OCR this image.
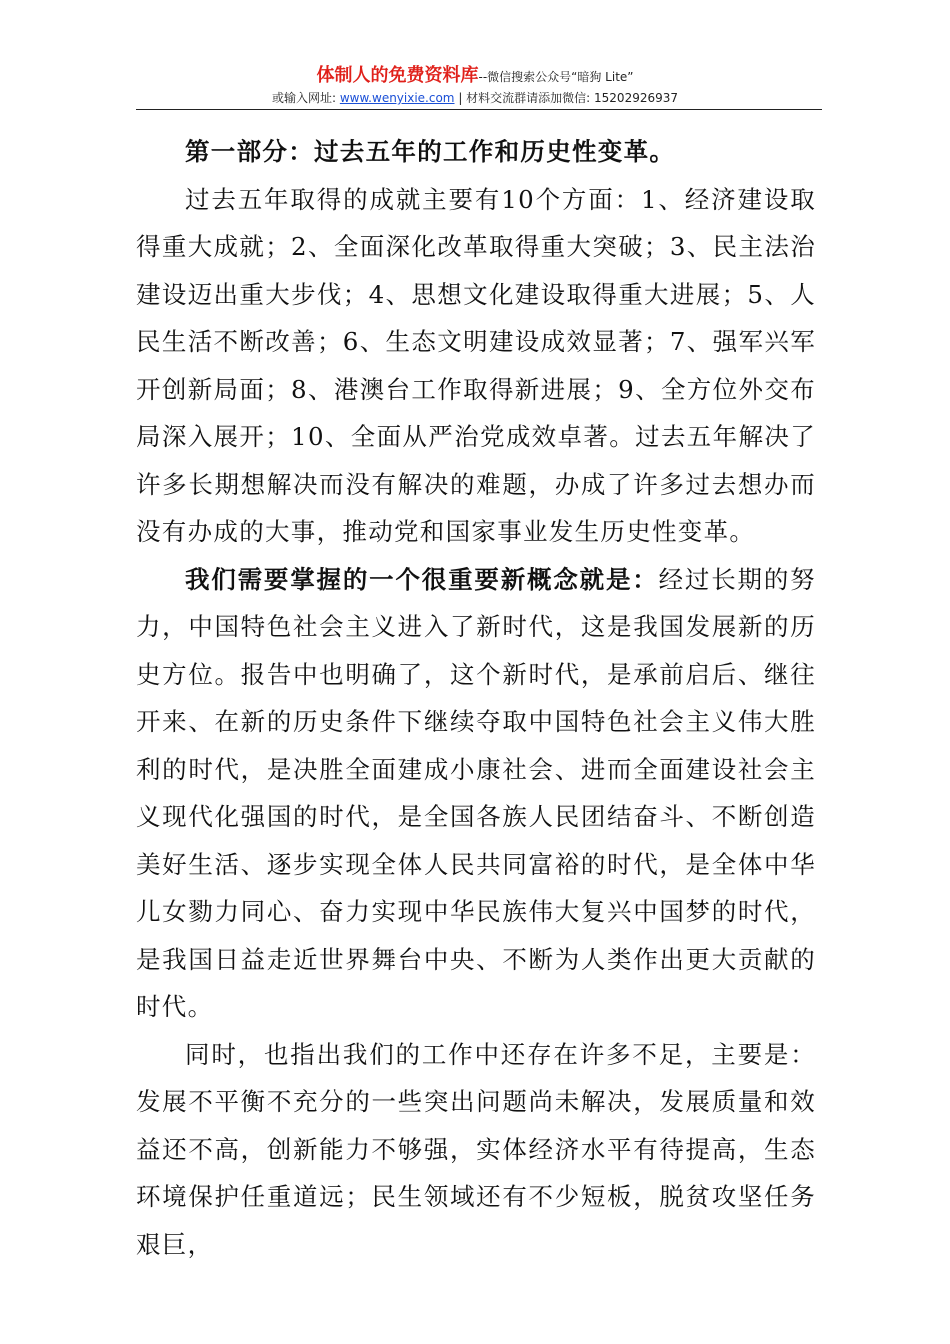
体制人的免费资料库--微信搜索公众号“暗狗 Lite”
或输入网址: www.wenyixie.com | 材料交流群请添加微信: 15202926937

第一部分：过去五年的工作和历史性变革。

过去五年取得的成就主要有10个方面：1、经济建设取得重大成就；2、全面深化改革取得重大突破；3、民主法治建设迈出重大步伐；4、思想文化建设取得重大进展；5、人民生活不断改善；6、生态文明建设成效显著；7、强军兴军开创新局面；8、港澳台工作取得新进展；9、全方位外交布局深入展开；10、全面从严治党成效卓著。过去五年解决了许多长期想解决而没有解决的难题，办成了许多过去想办而没有办成的大事，推动党和国家事业发生历史性变革。

我们需要掌握的一个很重要新概念就是：经过长期的努力，中国特色社会主义进入了新时代，这是我国发展新的历史方位。报告中也明确了，这个新时代，是承前启后、继往开来、在新的历史条件下继续夺取中国特色社会主义伟大胜利的时代，是决胜全面建成小康社会、进而全面建设社会主义现代化强国的时代，是全国各族人民团结奋斗、不断创造美好生活、逐步实现全体人民共同富裕的时代，是全体中华儿女勠力同心、奋力实现中华民族伟大复兴中国梦的时代，是我国日益走近世界舞台中央、不断为人类作出更大贡献的时代。

同时，也指出我们的工作中还存在许多不足，主要是：发展不平衡不充分的一些突出问题尚未解决，发展质量和效益还不高，创新能力不够强，实体经济水平有待提高，生态环境保护任重道远；民生领域还有不少短板，脱贫攻坚任务艰巨，
